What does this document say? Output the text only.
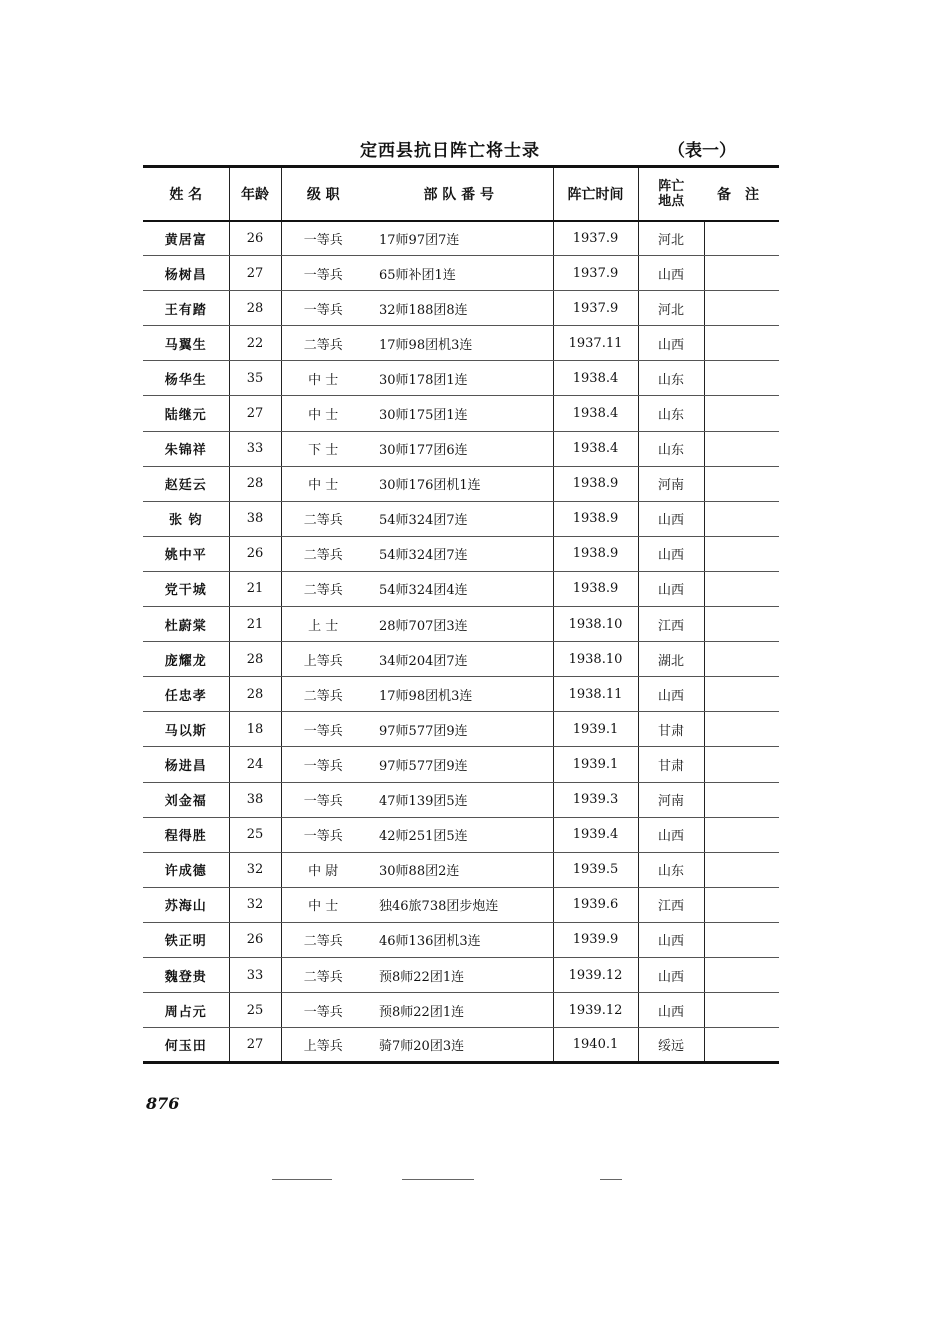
定西县抗日阵亡将士录	（表一）
姓 名	年龄	级 职	部 队 番 号	阵亡时间	阵亡地点	备注
黄居富	26	一等兵	17师97团7连	1937.9	河北	
杨树昌	27	一等兵	65师补团1连	1937.9	山西	
王有踏	28	一等兵	32师188团8连	1937.9	河北	
马翼生	22	二等兵	17师98团机3连	1937.11	山西	
杨华生	35	中 士	30师178团1连	1938.4	山东	
陆继元	27	中 士	30师175团1连	1938.4	山东	
朱锦祥	33	下 士	30师177团6连	1938.4	山东	
赵廷云	28	中 士	30师176团机1连	1938.9	河南	
张 钧	38	二等兵	54师324团7连	1938.9	山西	
姚中平	26	二等兵	54师324团7连	1938.9	山西	
党干城	21	二等兵	54师324团4连	1938.9	山西	
杜蔚棠	21	上 士	28师707团3连	1938.10	江西	
庞耀龙	28	上等兵	34师204团7连	1938.10	湖北	
任忠孝	28	二等兵	17师98团机3连	1938.11	山西	
马以斯	18	一等兵	97师577团9连	1939.1	甘肃	
杨进昌	24	一等兵	97师577团9连	1939.1	甘肃	
刘金福	38	一等兵	47师139团5连	1939.3	河南	
程得胜	25	一等兵	42师251团5连	1939.4	山西	
许成德	32	中 尉	30师88团2连	1939.5	山东	
苏海山	32	中 士	独46旅738团步炮连	1939.6	江西	
铁正明	26	二等兵	46师136团机3连	1939.9	山西	
魏登贵	33	二等兵	预8师22团1连	1939.12	山西	
周占元	25	一等兵	预8师22团1连	1939.12	山西	
何玉田	27	上等兵	骑7师20团3连	1940.1	绥远	
876
